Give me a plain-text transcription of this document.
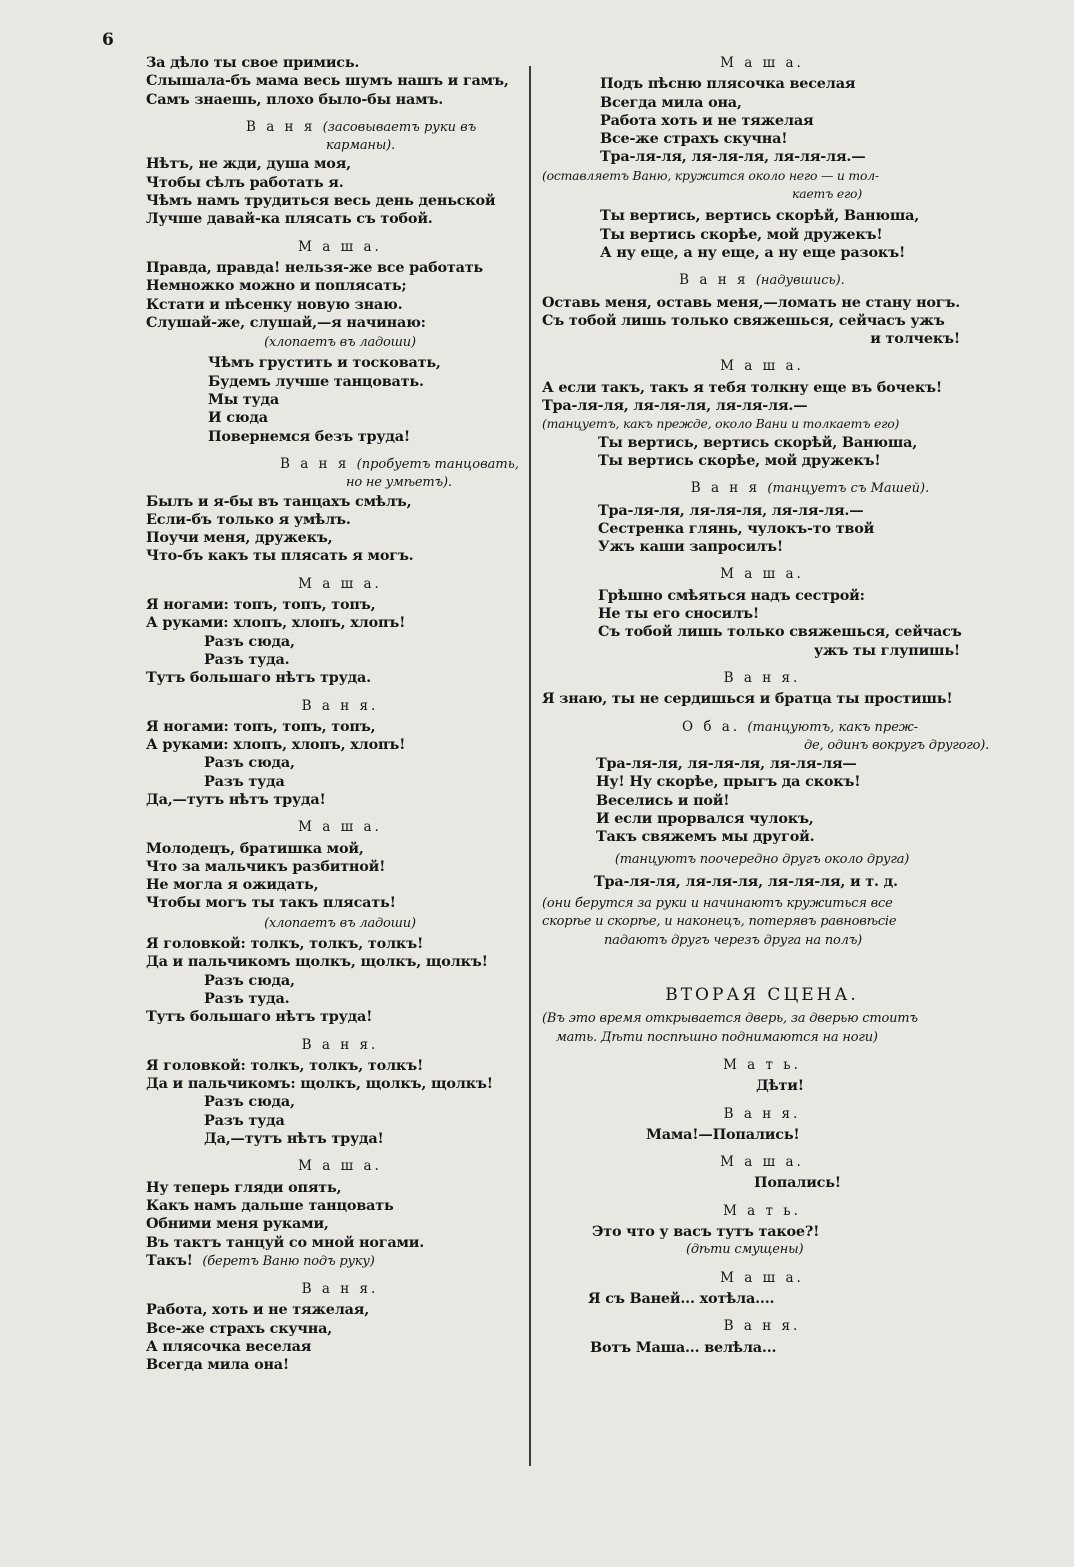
6
За дѣло ты свое примись.
Слышала-бъ мама весь шумъ нашъ и гамъ,
Самъ знаешь, плохо было-бы намъ.
В а н я (засовываетъ руки въ
карманы).
Нѣтъ, не жди, душа моя,
Чтобы сѣлъ работать я.
Чѣмъ намъ трудиться весь день деньской
Лучше давай-ка плясать съ тобой.
М а ш а.
Правда, правда! нельзя-же все работать
Немножко можно и поплясать;
Кстати и пѣсенку новую знаю.
Слушай-же, слушай,—я начинаю:
(хлопаетъ въ ладоши)
Чѣмъ грустить и тосковать,
Будемъ лучше танцовать.
Мы туда
И сюда
Повернемся безъ труда!
В а н я (пробуетъ танцовать,
но не умѣетъ).
Былъ и я-бы въ танцахъ смѣлъ,
Если-бъ только я умѣлъ.
Поучи меня, дружекъ,
Что-бъ какъ ты плясать я могъ.
М а ш а.
Я ногами: топъ, топъ, топъ,
А руками: хлопъ, хлопъ, хлопъ!
Разъ сюда,
Разъ туда.
Тутъ большаго нѣтъ труда.
В а н я.
Я ногами: топъ, топъ, топъ,
А руками: хлопъ, хлопъ, хлопъ!
Разъ сюда,
Разъ туда
Да,—тутъ нѣтъ труда!
М а ш а.
Молодецъ, братишка мой,
Что за мальчикъ разбитной!
Не могла я ожидать,
Чтобы могъ ты такъ плясать!
(хлопаетъ въ ладоши)
Я головкой: толкъ, толкъ, толкъ!
Да и пальчикомъ щолкъ, щолкъ, щолкъ!
Разъ сюда,
Разъ туда.
Тутъ большаго нѣтъ труда!
В а н я.
Я головкой: толкъ, толкъ, толкъ!
Да и пальчикомъ: щолкъ, щолкъ, щолкъ!
Разъ сюда,
Разъ туда
Да,—тутъ нѣтъ труда!
М а ш а.
Ну теперь гляди опять,
Какъ намъ дальше танцовать
Обними меня руками,
Въ тактъ танцуй со мной ногами.
Такъ! (беретъ Ваню подъ руку)
В а н я.
Работа, хоть и не тяжелая,
Все-же страхъ скучна,
А плясочка веселая
Всегда мила она!
М а ш а.
Подъ пѣсню плясочка веселая
Всегда мила она,
Работа хоть и не тяжелая
Все-же страхъ скучна!
Тра-ля-ля, ля-ля-ля, ля-ля-ля.—
(оставляетъ Ваню, кружится около него — и тол-
каетъ его)
Ты вертись, вертись скорѣй, Ванюша,
Ты вертись скорѣе, мой дружекъ!
А ну еще, а ну еще, а ну еще разокъ!
В а н я (надувшись).
Оставь меня, оставь меня,—ломать не стану ногъ.
Съ тобой лишь только свяжешься, сейчасъ ужъ
и толчекъ!
М а ш а.
А если такъ, такъ я тебя толкну еще въ бочекъ!
Тра-ля-ля, ля-ля-ля, ля-ля-ля.—
(танцуетъ, какъ прежде, около Вани и толкаетъ его)
Ты вертись, вертись скорѣй, Ванюша,
Ты вертись скорѣе, мой дружекъ!
В а н я (танцуетъ съ Машей).
Тра-ля-ля, ля-ля-ля, ля-ля-ля.—
Сестренка глянь, чулокъ-то твой
Ужъ каши запросилъ!
М а ш а.
Грѣшно смѣяться надъ сестрой:
Не ты его сносилъ!
Съ тобой лишь только свяжешься, сейчасъ
ужъ ты глупишь!
В а н я.
Я знаю, ты не сердишься и братца ты простишь!
О б а. (танцуютъ, какъ преж-
де, одинъ вокругъ другого).
Тра-ля-ля, ля-ля-ля, ля-ля-ля—
Ну! Ну скорѣе, прыгъ да скокъ!
Веселись и пой!
И если прорвался чулокъ,
Такъ свяжемъ мы другой.
(танцуютъ поочередно другъ около друга)
Тра-ля-ля, ля-ля-ля, ля-ля-ля, и т. д.
(они берутся за руки и начинаютъ кружиться все
скорѣе и скорѣе, и наконецъ, потерявъ равновѣсіе
падаютъ другъ черезъ друга на полъ)
ВТОРАЯ СЦЕНА.
(Въ это время открывается дверь, за дверью стоитъ
мать. Дѣти поспѣшно поднимаются на ноги)
М а т ь.
Дѣти!
В а н я.
Мама!—Попались!
М а ш а.
Попались!
М а т ь.
Это что у васъ тутъ такое?!
(дѣти смущены)
М а ш а.
Я съ Ваней... хотѣла....
В а н я.
Вотъ Маша... велѣла...
